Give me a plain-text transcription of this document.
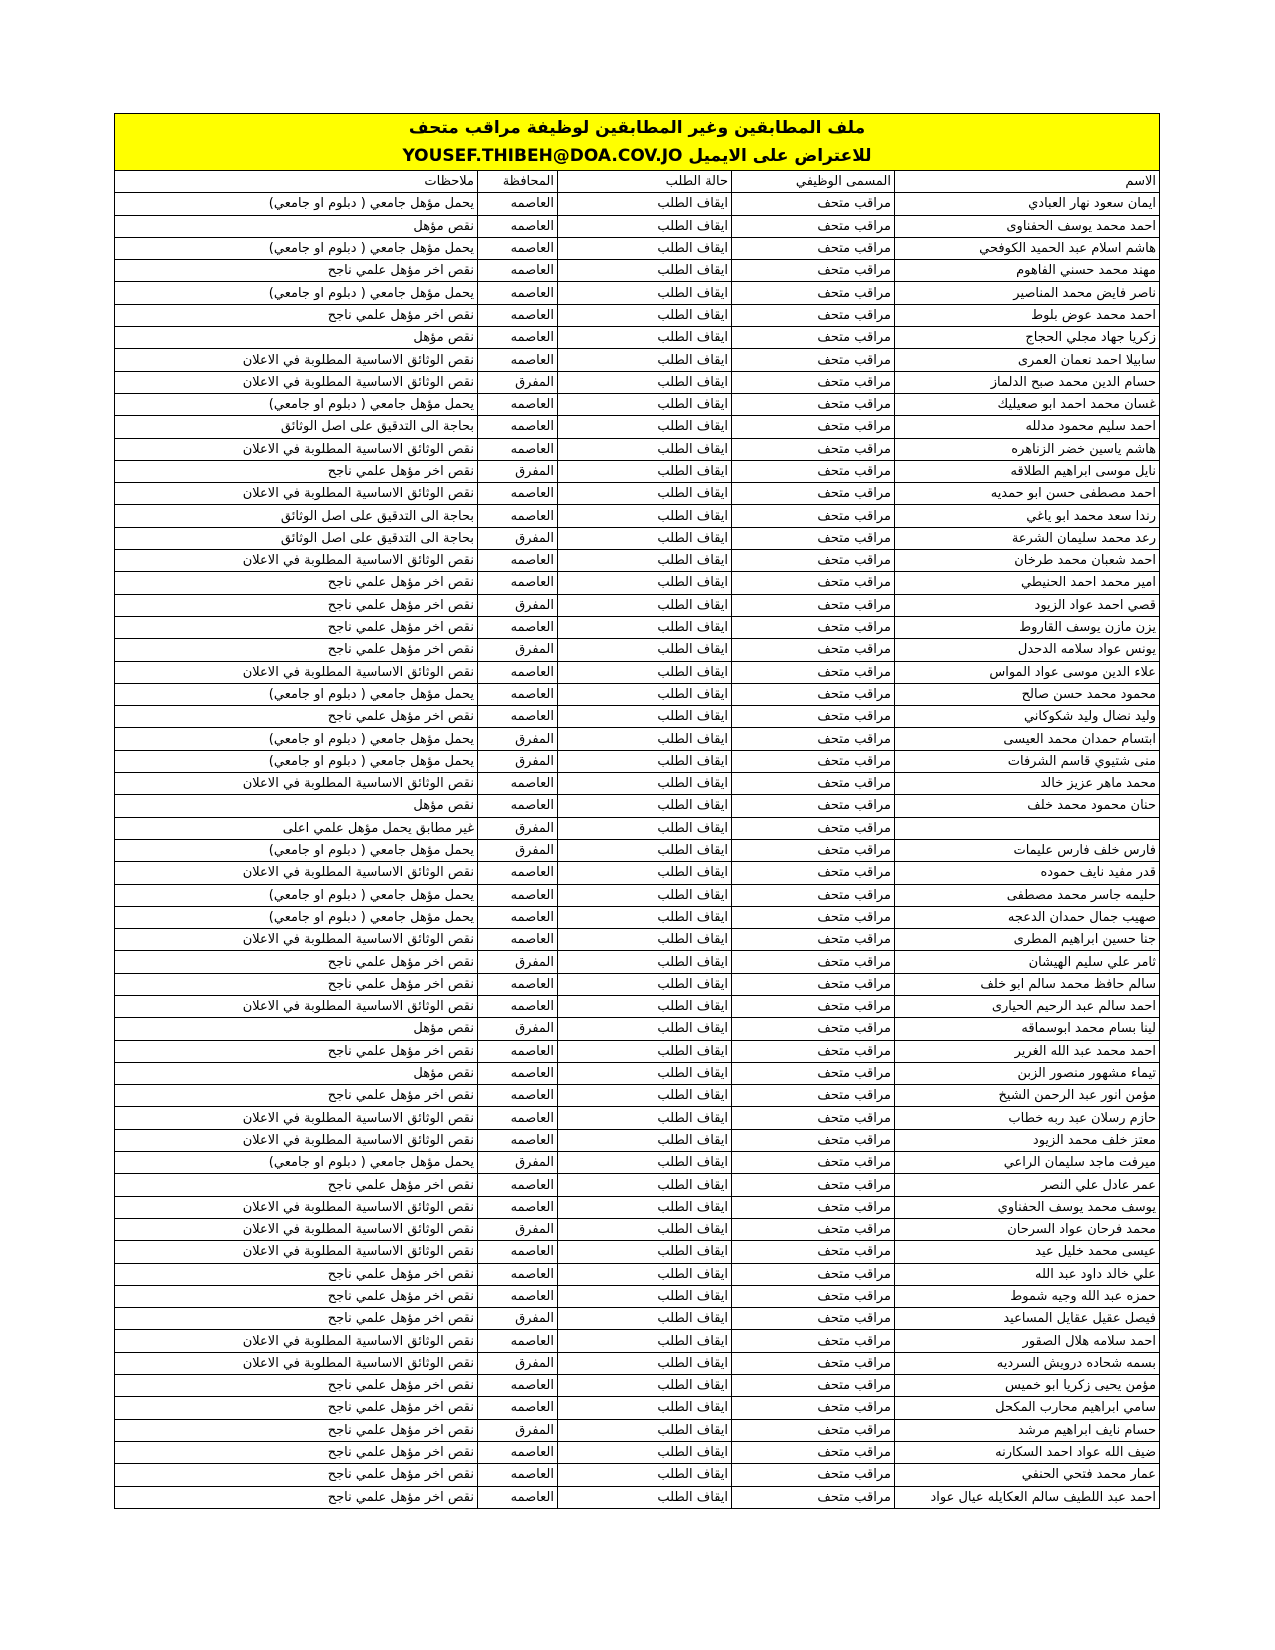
ملف المطابقين وغير المطابقين لوظيفة مراقب متحف
للاعتراض على الايميل YOUSEF.THIBEH@DOA.COV.JO
الاسم	المسمى الوظيفي	حالة الطلب	المحافظة	ملاحظات
ايمان سعود نهار العبادي	مراقب متحف	ايقاف الطلب	العاصمه	يحمل مؤهل جامعي ( دبلوم او جامعي)
احمد محمد يوسف الحفناوى	مراقب متحف	ايقاف الطلب	العاصمه	نقص مؤهل
هاشم اسلام عبد الحميد الكوفحي	مراقب متحف	ايقاف الطلب	العاصمه	يحمل مؤهل جامعي ( دبلوم او جامعي)
مهند محمد حسني الفاهوم	مراقب متحف	ايقاف الطلب	العاصمه	نقص اخر مؤهل علمي ناجح
ناصر فايض محمد المناصير	مراقب متحف	ايقاف الطلب	العاصمه	يحمل مؤهل جامعي ( دبلوم او جامعي)
احمد محمد عوض بلوط	مراقب متحف	ايقاف الطلب	العاصمه	نقص اخر مؤهل علمي ناجح
زكريا جهاد مجلي الحجاج	مراقب متحف	ايقاف الطلب	العاصمه	نقص مؤهل
سابيلا احمد نعمان العمرى	مراقب متحف	ايقاف الطلب	العاصمه	نقص الوثائق الاساسية المطلوبة في الاعلان
حسام الدين محمد صبح الدلماز	مراقب متحف	ايقاف الطلب	المفرق	نقص الوثائق الاساسية المطلوبة في الاعلان
غسان محمد احمد ابو صعيليك	مراقب متحف	ايقاف الطلب	العاصمه	يحمل مؤهل جامعي ( دبلوم او جامعي)
احمد سليم محمود مدلله	مراقب متحف	ايقاف الطلب	العاصمه	بحاجة الى التدقيق على اصل الوثائق
هاشم ياسين خضر الزناهره	مراقب متحف	ايقاف الطلب	العاصمه	نقص الوثائق الاساسية المطلوبة في الاعلان
نايل موسى ابراهيم الطلاقه	مراقب متحف	ايقاف الطلب	المفرق	نقص اخر مؤهل علمي ناجح
احمد مصطفى حسن ابو حمديه	مراقب متحف	ايقاف الطلب	العاصمه	نقص الوثائق الاساسية المطلوبة في الاعلان
رندا سعد محمد ابو ياغي	مراقب متحف	ايقاف الطلب	العاصمه	بحاجة الى التدقيق على اصل الوثائق
رعد محمد سليمان الشرعة	مراقب متحف	ايقاف الطلب	المفرق	بحاجة الى التدقيق على اصل الوثائق
احمد شعبان محمد طرخان	مراقب متحف	ايقاف الطلب	العاصمه	نقص الوثائق الاساسية المطلوبة في الاعلان
امير محمد احمد الحنيطي	مراقب متحف	ايقاف الطلب	العاصمه	نقص اخر مؤهل علمي ناجح
قصي احمد عواد الزيود	مراقب متحف	ايقاف الطلب	المفرق	نقص اخر مؤهل علمي ناجح
يزن مازن يوسف القاروط	مراقب متحف	ايقاف الطلب	العاصمه	نقص اخر مؤهل علمي ناجح
يونس عواد سلامه الدحدل	مراقب متحف	ايقاف الطلب	المفرق	نقص اخر مؤهل علمي ناجح
علاء الدين موسى عواد المواس	مراقب متحف	ايقاف الطلب	العاصمه	نقص الوثائق الاساسية المطلوبة في الاعلان
محمود محمد حسن صالح	مراقب متحف	ايقاف الطلب	العاصمه	يحمل مؤهل جامعي ( دبلوم او جامعي)
وليد نضال وليد شكوكاني	مراقب متحف	ايقاف الطلب	العاصمه	نقص اخر مؤهل علمي ناجح
ابتسام حمدان محمد العيسى	مراقب متحف	ايقاف الطلب	المفرق	يحمل مؤهل جامعي ( دبلوم او جامعي)
منى شتيوي قاسم الشرفات	مراقب متحف	ايقاف الطلب	المفرق	يحمل مؤهل جامعي ( دبلوم او جامعي)
محمد ماهر عزيز خالد	مراقب متحف	ايقاف الطلب	العاصمه	نقص الوثائق الاساسية المطلوبة في الاعلان
حنان محمود محمد خلف	مراقب متحف	ايقاف الطلب	العاصمه	نقص مؤهل
	مراقب متحف	ايقاف الطلب	المفرق	غير مطابق يحمل مؤهل علمي اعلى
فارس خلف فارس عليمات	مراقب متحف	ايقاف الطلب	المفرق	يحمل مؤهل جامعي ( دبلوم او جامعي)
قدر مفيد نايف حموده	مراقب متحف	ايقاف الطلب	العاصمه	نقص الوثائق الاساسية المطلوبة في الاعلان
حليمه جاسر محمد مصطفى	مراقب متحف	ايقاف الطلب	العاصمه	يحمل مؤهل جامعي ( دبلوم او جامعي)
صهيب جمال حمدان الدعجه	مراقب متحف	ايقاف الطلب	العاصمه	يحمل مؤهل جامعي ( دبلوم او جامعي)
جنا حسين ابراهيم المطرى	مراقب متحف	ايقاف الطلب	العاصمه	نقص الوثائق الاساسية المطلوبة في الاعلان
ثامر علي سليم الهيشان	مراقب متحف	ايقاف الطلب	المفرق	نقص اخر مؤهل علمي ناجح
سالم حافظ محمد سالم ابو خلف	مراقب متحف	ايقاف الطلب	العاصمه	نقص اخر مؤهل علمي ناجح
احمد سالم عبد الرحيم الحيارى	مراقب متحف	ايقاف الطلب	العاصمه	نقص الوثائق الاساسية المطلوبة في الاعلان
لينا بسام محمد ابوسماقه	مراقب متحف	ايقاف الطلب	المفرق	نقص مؤهل
احمد محمد عبد الله الغرير	مراقب متحف	ايقاف الطلب	العاصمه	نقص اخر مؤهل علمي ناجح
تيماء مشهور منصور الزبن	مراقب متحف	ايقاف الطلب	العاصمه	نقص مؤهل
مؤمن انور عبد الرحمن الشيخ	مراقب متحف	ايقاف الطلب	العاصمه	نقص اخر مؤهل علمي ناجح
حازم رسلان عبد ربه خطاب	مراقب متحف	ايقاف الطلب	العاصمه	نقص الوثائق الاساسية المطلوبة في الاعلان
معتز خلف محمد الزيود	مراقب متحف	ايقاف الطلب	العاصمه	نقص الوثائق الاساسية المطلوبة في الاعلان
ميرفت ماجد سليمان الراعي	مراقب متحف	ايقاف الطلب	المفرق	يحمل مؤهل جامعي ( دبلوم او جامعي)
عمر عادل علي النصر	مراقب متحف	ايقاف الطلب	العاصمه	نقص اخر مؤهل علمي ناجح
يوسف محمد يوسف الحفناوي	مراقب متحف	ايقاف الطلب	العاصمه	نقص الوثائق الاساسية المطلوبة في الاعلان
محمد فرحان عواد السرحان	مراقب متحف	ايقاف الطلب	المفرق	نقص الوثائق الاساسية المطلوبة في الاعلان
عيسى محمد خليل عيد	مراقب متحف	ايقاف الطلب	العاصمه	نقص الوثائق الاساسية المطلوبة في الاعلان
علي خالد داود عبد الله	مراقب متحف	ايقاف الطلب	العاصمه	نقص اخر مؤهل علمي ناجح
حمزه عبد الله وجيه شموط	مراقب متحف	ايقاف الطلب	العاصمه	نقص اخر مؤهل علمي ناجح
فيصل عقيل عقايل المساعيد	مراقب متحف	ايقاف الطلب	المفرق	نقص اخر مؤهل علمي ناجح
احمد سلامه هلال الصقور	مراقب متحف	ايقاف الطلب	العاصمه	نقص الوثائق الاساسية المطلوبة في الاعلان
بسمه شحاده درويش السرديه	مراقب متحف	ايقاف الطلب	المفرق	نقص الوثائق الاساسية المطلوبة في الاعلان
مؤمن يحيى زكريا ابو خميس	مراقب متحف	ايقاف الطلب	العاصمه	نقص اخر مؤهل علمي ناجح
سامي ابراهيم محارب المكحل	مراقب متحف	ايقاف الطلب	العاصمه	نقص اخر مؤهل علمي ناجح
حسام نايف ابراهيم مرشد	مراقب متحف	ايقاف الطلب	المفرق	نقص اخر مؤهل علمي ناجح
ضيف الله عواد احمد السكارنه	مراقب متحف	ايقاف الطلب	العاصمه	نقص اخر مؤهل علمي ناجح
عمار محمد فتحي الحنفي	مراقب متحف	ايقاف الطلب	العاصمه	نقص اخر مؤهل علمي ناجح
احمد عبد اللطيف سالم العكايله عيال عواد	مراقب متحف	ايقاف الطلب	العاصمه	نقص اخر مؤهل علمي ناجح
